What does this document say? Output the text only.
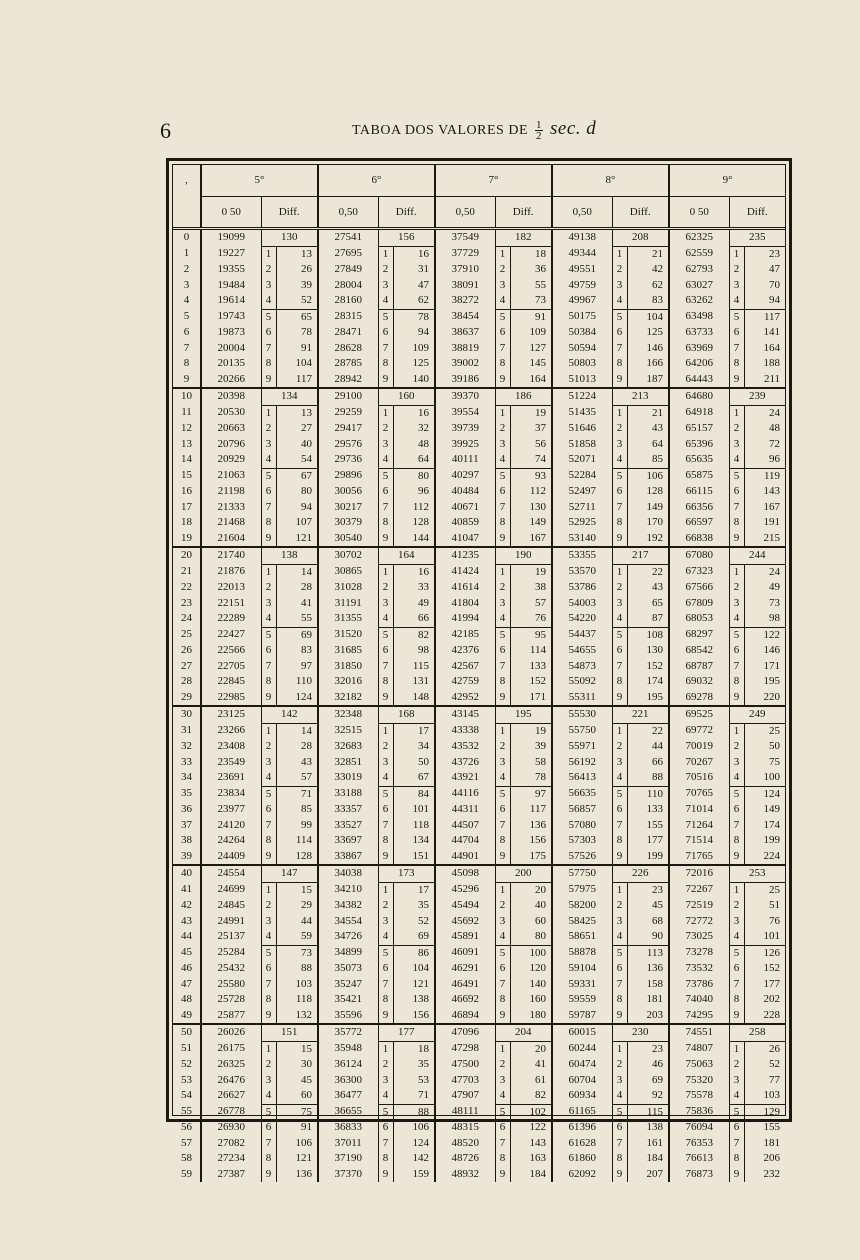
6	TABOA DOS VALORES DE $\frac{1}{2} \sec$. d
,	5°			6°			7°			8°			9°		
	0 50	Diff.		0,50	Diff.		0,50	Diff.		0,50	Diff.		0 50	Diff.	
0	19099	130		27541	156		37549	182		49138	208		62325	235	
1	19227	1	13	27695	1	16	37729	1	18	49344	1	21	62559	1	23
2	19355	2	26	27849	2	31	37910	2	36	49551	2	42	62793	2	47
3	19484	3	39	28004	3	47	38091	3	55	49759	3	62	63027	3	70
4	19614	4	52	28160	4	62	38272	4	73	49967	4	83	63262	4	94
5	19743	5	65	28315	5	78	38454	5	91	50175	5	104	63498	5	117
6	19873	6	78	28471	6	94	38637	6	109	50384	6	125	63733	6	141
7	20004	7	91	28628	7	109	38819	7	127	50594	7	146	63969	7	164
8	20135	8	104	28785	8	125	39002	8	145	50803	8	166	64206	8	188
9	20266	9	117	28942	9	140	39186	9	164	51013	9	187	64443	9	211
10	20398	134		29100	160		39370	186		51224	213		64680	239	
11	20530	1	13	29259	1	16	39554	1	19	51435	1	21	64918	1	24
12	20663	2	27	29417	2	32	39739	2	37	51646	2	43	65157	2	48
13	20796	3	40	29576	3	48	39925	3	56	51858	3	64	65396	3	72
14	20929	4	54	29736	4	64	40111	4	74	52071	4	85	65635	4	96
15	21063	5	67	29896	5	80	40297	5	93	52284	5	106	65875	5	119
16	21198	6	80	30056	6	96	40484	6	112	52497	6	128	66115	6	143
17	21333	7	94	30217	7	112	40671	7	130	52711	7	149	66356	7	167
18	21468	8	107	30379	8	128	40859	8	149	52925	8	170	66597	8	191
19	21604	9	121	30540	9	144	41047	9	167	53140	9	192	66838	9	215
20	21740	138		30702	164		41235	190		53355	217		67080	244	
21	21876	1	14	30865	1	16	41424	1	19	53570	1	22	67323	1	24
22	22013	2	28	31028	2	33	41614	2	38	53786	2	43	67566	2	49
23	22151	3	41	31191	3	49	41804	3	57	54003	3	65	67809	3	73
24	22289	4	55	31355	4	66	41994	4	76	54220	4	87	68053	4	98
25	22427	5	69	31520	5	82	42185	5	95	54437	5	108	68297	5	122
26	22566	6	83	31685	6	98	42376	6	114	54655	6	130	68542	6	146
27	22705	7	97	31850	7	115	42567	7	133	54873	7	152	68787	7	171
28	22845	8	110	32016	8	131	42759	8	152	55092	8	174	69032	8	195
29	22985	9	124	32182	9	148	42952	9	171	55311	9	195	69278	9	220
30	23125	142		32348	168		43145	195		55530	221		69525	249	
31	23266	1	14	32515	1	17	43338	1	19	55750	1	22	69772	1	25
32	23408	2	28	32683	2	34	43532	2	39	55971	2	44	70019	2	50
33	23549	3	43	32851	3	50	43726	3	58	56192	3	66	70267	3	75
34	23691	4	57	33019	4	67	43921	4	78	56413	4	88	70516	4	100
35	23834	5	71	33188	5	84	44116	5	97	56635	5	110	70765	5	124
36	23977	6	85	33357	6	101	44311	6	117	56857	6	133	71014	6	149
37	24120	7	99	33527	7	118	44507	7	136	57080	7	155	71264	7	174
38	24264	8	114	33697	8	134	44704	8	156	57303	8	177	71514	8	199
39	24409	9	128	33867	9	151	44901	9	175	57526	9	199	71765	9	224
40	24554	147		34038	173		45098	200		57750	226		72016	253	
41	24699	1	15	34210	1	17	45296	1	20	57975	1	23	72267	1	25
42	24845	2	29	34382	2	35	45494	2	40	58200	2	45	72519	2	51
43	24991	3	44	34554	3	52	45692	3	60	58425	3	68	72772	3	76
44	25137	4	59	34726	4	69	45891	4	80	58651	4	90	73025	4	101
45	25284	5	73	34899	5	86	46091	5	100	58878	5	113	73278	5	126
46	25432	6	88	35073	6	104	46291	6	120	59104	6	136	73532	6	152
47	25580	7	103	35247	7	121	46491	7	140	59331	7	158	73786	7	177
48	25728	8	118	35421	8	138	46692	8	160	59559	8	181	74040	8	202
49	25877	9	132	35596	9	156	46894	9	180	59787	9	203	74295	9	228
50	26026	151		35772	177		47096	204		60015	230		74551	258	
51	26175	1	15	35948	1	18	47298	1	20	60244	1	23	74807	1	26
52	26325	2	30	36124	2	35	47500	2	41	60474	2	46	75063	2	52
53	26476	3	45	36300	3	53	47703	3	61	60704	3	69	75320	3	77
54	26627	4	60	36477	4	71	47907	4	82	60934	4	92	75578	4	103
55	26778	5	75	36655	5	88	48111	5	102	61165	5	115	75836	5	129
56	26930	6	91	36833	6	106	48315	6	122	61396	6	138	76094	6	155
57	27082	7	106	37011	7	124	48520	7	143	61628	7	161	76353	7	181
58	27234	8	121	37190	8	142	48726	8	163	61860	8	184	76613	8	206
59	27387	9	136	37370	9	159	48932	9	184	62092	9	207	76873	9	232
